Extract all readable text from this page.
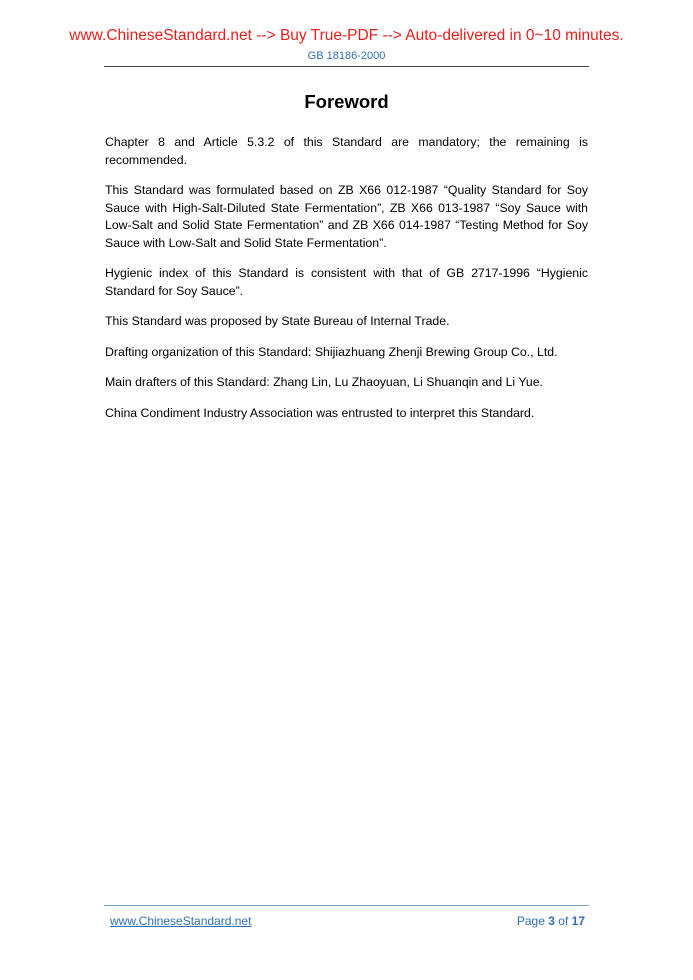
www.ChineseStandard.net --> Buy True-PDF --> Auto-delivered in 0~10 minutes.
GB 18186-2000
Foreword

Chapter 8 and Article 5.3.2 of this Standard are mandatory; the remaining is recommended.

This Standard was formulated based on ZB X66 012-1987 “Quality Standard for Soy Sauce with High-Salt-Diluted State Fermentation”, ZB X66 013-1987 “Soy Sauce with Low-Salt and Solid State Fermentation” and ZB X66 014-1987 “Testing Method for Soy Sauce with Low-Salt and Solid State Fermentation”.

Hygienic index of this Standard is consistent with that of GB 2717-1996 “Hygienic Standard for Soy Sauce”.

This Standard was proposed by State Bureau of Internal Trade.

Drafting organization of this Standard: Shijiazhuang Zhenji Brewing Group Co., Ltd.

Main drafters of this Standard: Zhang Lin, Lu Zhaoyuan, Li Shuanqin and Li Yue.

China Condiment Industry Association was entrusted to interpret this Standard.

www.ChineseStandard.net	Page 3 of 17
